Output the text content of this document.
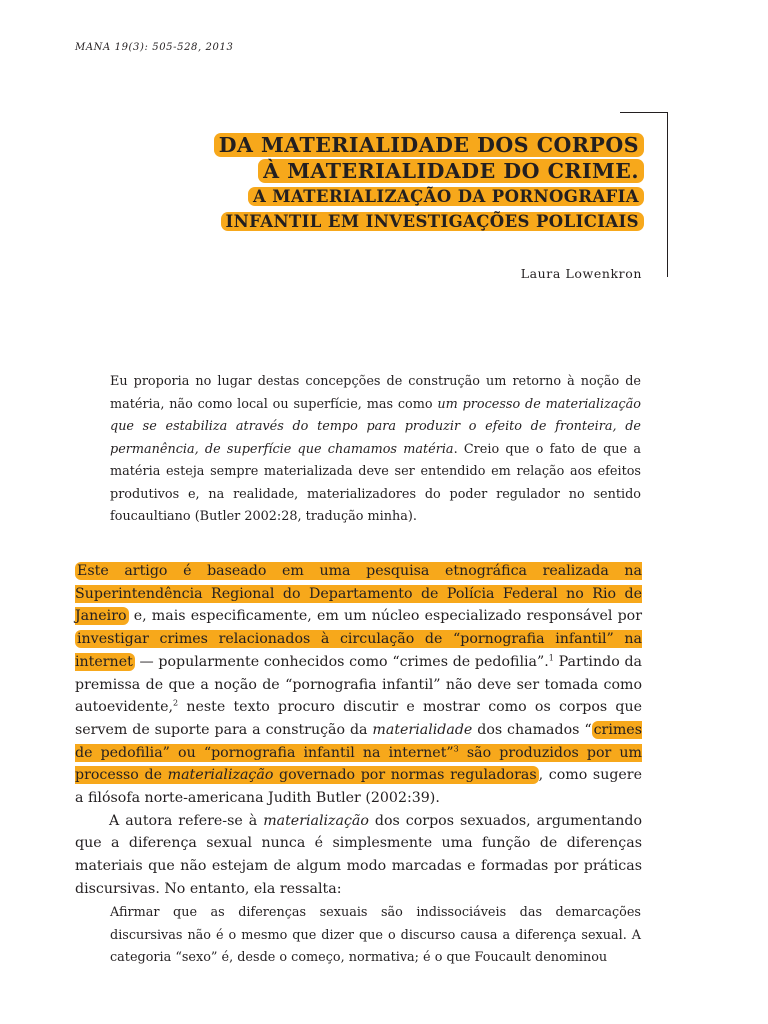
MANA 19(3): 505-528, 2013
DA MATERIALIDADE DOS CORPOS
À MATERIALIDADE DO CRIME.
A MATERIALIZAÇÃO DA PORNOGRAFIA
INFANTIL EM INVESTIGAÇÕES POLICIAIS
Laura Lowenkron
Eu proporia no lugar destas concepções de construção um retorno à noção de matéria, não como local ou superfície, mas como um processo de materialização que se estabiliza através do tempo para produzir o efeito de fronteira, de permanência, de superfície que chamamos matéria. Creio que o fato de que a matéria esteja sempre materializada deve ser entendido em relação aos efeitos produtivos e, na realidade, materializadores do poder regulador no sentido foucaultiano (Butler 2002:28, tradução minha).

Este artigo é baseado em uma pesquisa etnográfica realizada na Superintendência Regional do Departamento de Polícia Federal no Rio de Janeiro e, mais especificamente, em um núcleo especializado responsável por investigar crimes relacionados à circulação de “pornografia infantil” na internet — popularmente conhecidos como “crimes de pedofilia”.$^1$ Partindo da premissa de que a noção de “pornografia infantil” não deve ser tomada como autoevidente,$^2$ neste texto procuro discutir e mostrar como os corpos que servem de suporte para a construção da materialidade dos chamados “ crimes de pedofilia” ou “pornografia infantil na internet”$^3$ são produzidos por um processo de materialização governado por normas reguladoras , como sugere a filósofa norte-americana Judith Butler (2002:39).

A autora refere-se à materialização dos corpos sexuados, argumentando que a diferença sexual nunca é simplesmente uma função de diferenças materiais que não estejam de algum modo marcadas e formadas por práticas discursivas. No entanto, ela ressalta:

Afirmar que as diferenças sexuais são indissociáveis das demarcações discursivas não é o mesmo que dizer que o discurso causa a diferença sexual. A categoria “sexo” é, desde o começo, normativa; é o que Foucault denominou
